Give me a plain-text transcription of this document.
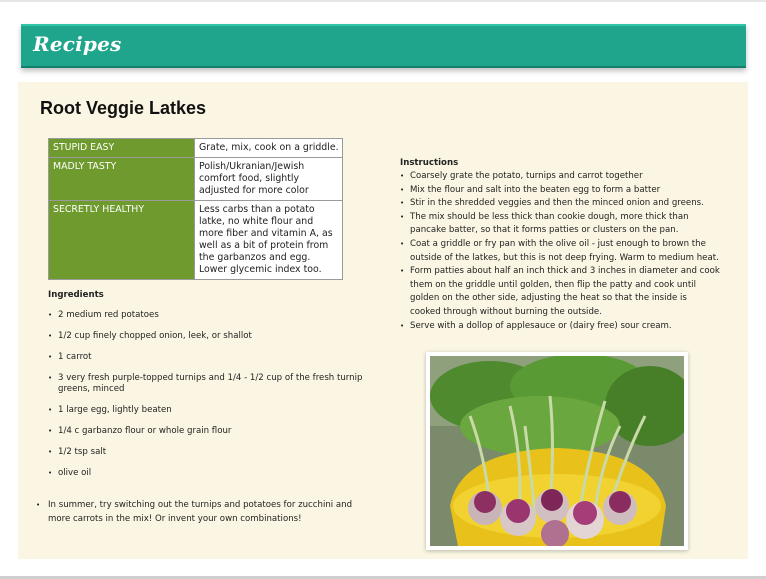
Recipes
Root Veggie Latkes
STUPID EASY	Grate, mix, cook on a griddle.
MADLY TASTY	Polish/Ukranian/Jewish comfort food, slightly adjusted for more color
SECRETLY HEALTHY	Less carbs than a potato latke, no white flour and more fiber and vitamin A, as well as a bit of protein from the garbanzos and egg. Lower glycemic index too.
Ingredients
• 2 medium red potatoes
• 1/2 cup finely chopped onion, leek, or shallot
• 1 carrot
• 3 very fresh purple-topped turnips and 1/4 - 1/2 cup of the fresh turnip greens, minced
• 1 large egg, lightly beaten
• 1/4 c garbanzo flour or whole grain flour
• 1/2 tsp salt
• olive oil
• In summer, try switching out the turnips and potatoes for zucchini and more carrots in the mix! Or invent your own combinations!
Instructions
• Coarsely grate the potato, turnips and carrot together
• Mix the flour and salt into the beaten egg to form a batter
• Stir in the shredded veggies and then the minced onion and greens.
• The mix should be less thick than cookie dough, more thick than pancake batter, so that it forms patties or clusters on the pan.
• Coat a griddle or fry pan with the olive oil - just enough to brown the outside of the latkes, but this is not deep frying. Warm to medium heat.
• Form patties about half an inch thick and 3 inches in diameter and cook them on the griddle until golden, then flip the patty and cook until golden on the other side, adjusting the heat so that the inside is cooked through without burning the outside.
• Serve with a dollop of applesauce or (dairy free) sour cream.
